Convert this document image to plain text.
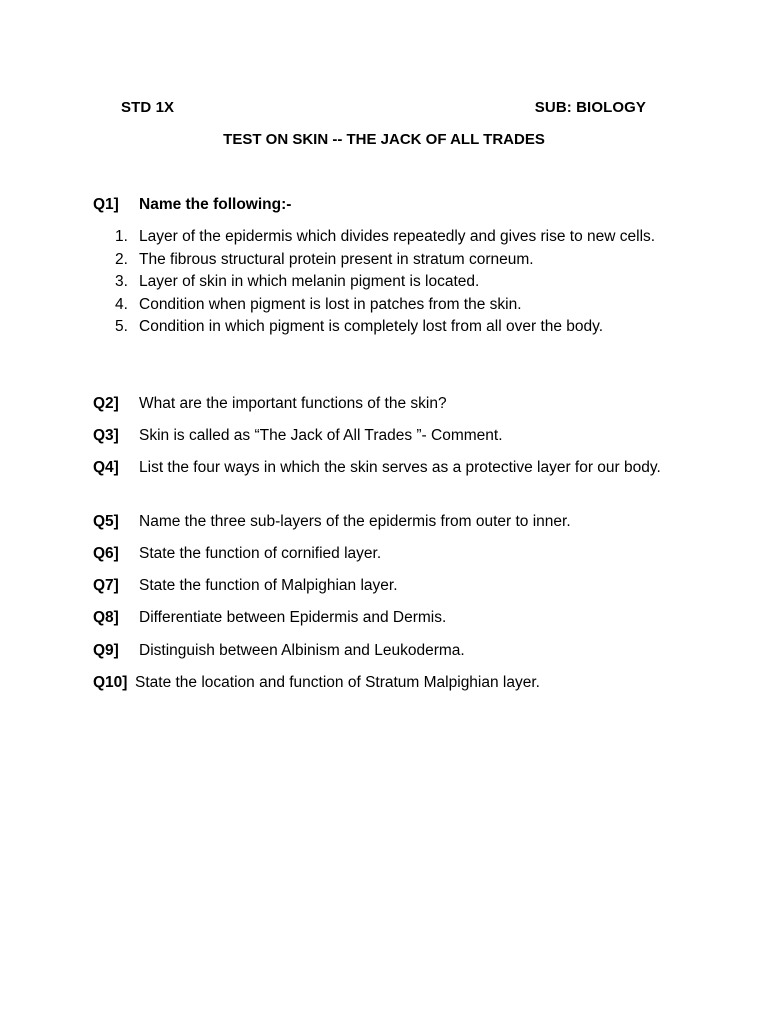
STD 1X	SUB: BIOLOGY
TEST ON SKIN -- THE JACK OF ALL TRADES
Q1] Name the following:-
1. Layer of the epidermis which divides repeatedly and gives rise to new cells.
2. The fibrous structural protein present in stratum corneum.
3. Layer of skin in which melanin pigment is located.
4. Condition when pigment is lost in patches from the skin.
5. Condition in which pigment is completely lost from all over the body.
Q2] What are the important functions of the skin?
Q3] Skin is called as “The Jack of All Trades ”- Comment.
Q4] List the four ways in which the skin serves as a protective layer for our body.
Q5] Name the three sub-layers of the epidermis from outer to inner.
Q6] State the function of cornified layer.
Q7] State the function of Malpighian layer.
Q8] Differentiate between Epidermis and Dermis.
Q9] Distinguish between Albinism and Leukoderma.
Q10] State the location and function of Stratum Malpighian layer.
